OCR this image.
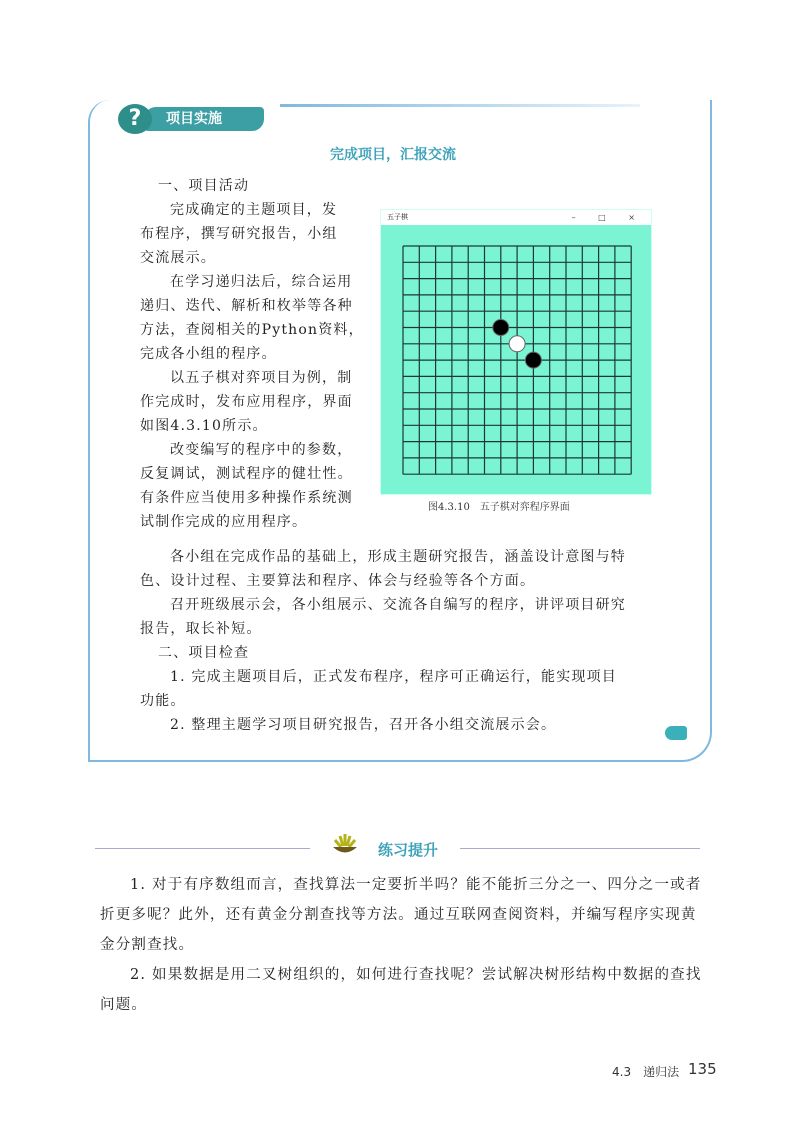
项目实施
?
完成项目，汇报交流
一、项目活动
完成确定的主题项目，发
布程序，撰写研究报告，小组
交流展示。
在学习递归法后，综合运用
递归、迭代、解析和枚举等各种
方法，查阅相关的Python资料，
完成各小组的程序。
以五子棋对弈项目为例，制
作完成时，发布应用程序，界面
如图4.3.10所示。
改变编写的程序中的参数，
反复调试，测试程序的健壮性。
有条件应当使用多种操作系统测
试制作完成的应用程序。
各小组在完成作品的基础上，形成主题研究报告，涵盖设计意图与特
色、设计过程、主要算法和程序、体会与经验等各个方面。
召开班级展示会，各小组展示、交流各自编写的程序，讲评项目研究
报告，取长补短。
二、项目检查
1. 完成主题项目后，正式发布程序，程序可正确运行，能实现项目
功能。
2. 整理主题学习项目研究报告，召开各小组交流展示会。
五子棋	– □ ×
图4.3.10　五子棋对弈程序界面
练习提升
1. 对于有序数组而言，查找算法一定要折半吗？能不能折三分之一、四分之一或者
折更多呢？此外，还有黄金分割查找等方法。通过互联网查阅资料，并编写程序实现黄
金分割查找。
2. 如果数据是用二叉树组织的，如何进行查找呢？尝试解决树形结构中数据的查找
问题。
4.3　递归法 135
